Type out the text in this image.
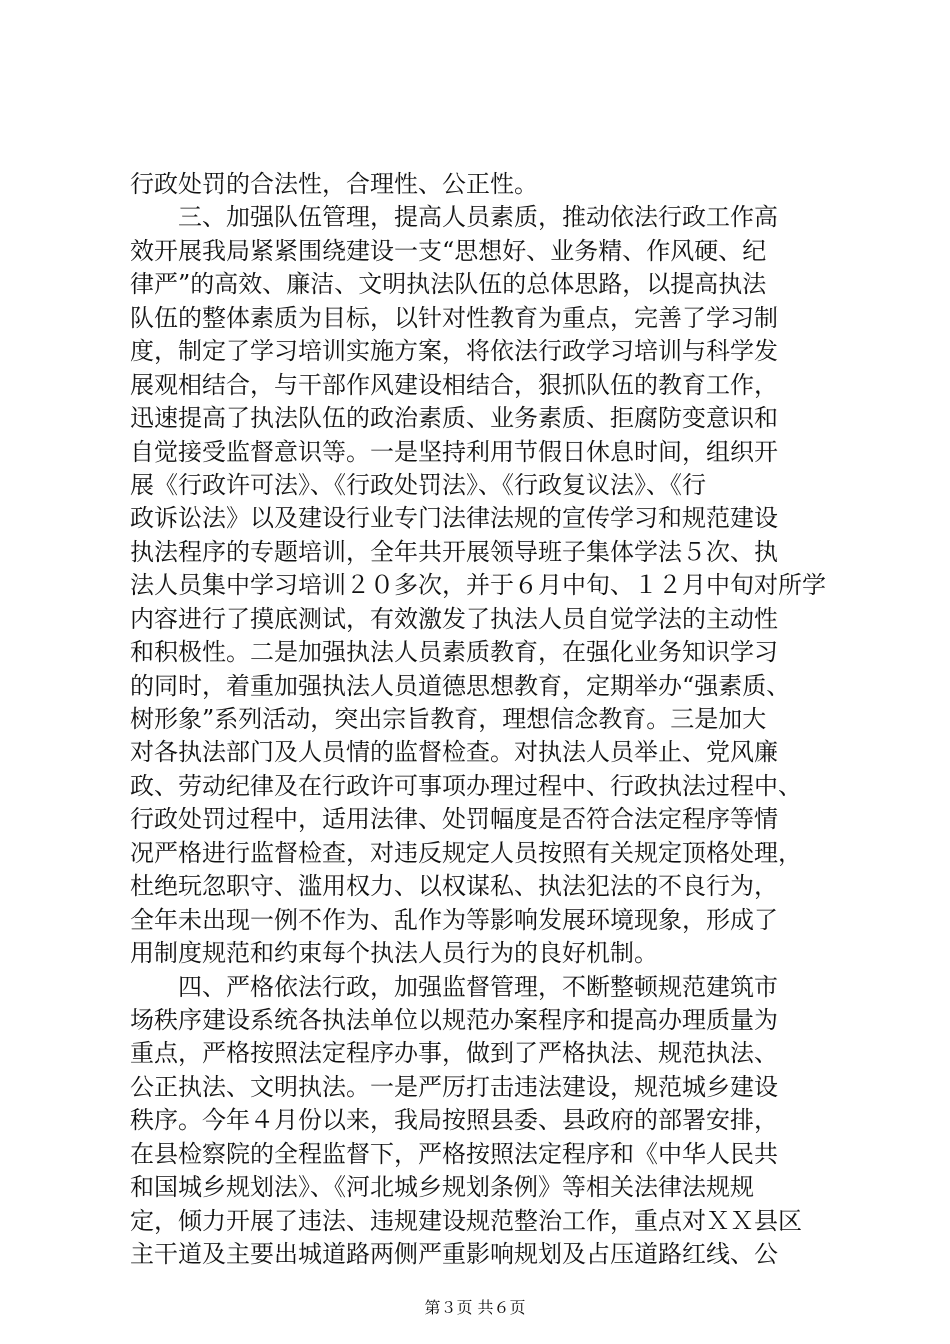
行政处罚的合法性，合理性、公正性。
　　三、加强队伍管理，提高人员素质，推动依法行政工作高
效开展我局紧紧围绕建设一支“思想好、业务精、作风硬、纪
律严”的高效、廉洁、文明执法队伍的总体思路，以提高执法
队伍的整体素质为目标，以针对性教育为重点，完善了学习制
度，制定了学习培训实施方案，将依法行政学习培训与科学发
展观相结合，与干部作风建设相结合，狠抓队伍的教育工作，
迅速提高了执法队伍的政治素质、业务素质、拒腐防变意识和
自觉接受监督意识等。一是坚持利用节假日休息时间，组织开
展《行政许可法》、《行政处罚法》、《行政复议法》、《行
政诉讼法》以及建设行业专门法律法规的宣传学习和规范建设
执法程序的专题培训，全年共开展领导班子集体学法５次、执
法人员集中学习培训２０多次，并于６月中旬、１２月中旬对所学
内容进行了摸底测试，有效激发了执法人员自觉学法的主动性
和积极性。二是加强执法人员素质教育，在强化业务知识学习
的同时，着重加强执法人员道德思想教育，定期举办“强素质、
树形象”系列活动，突出宗旨教育，理想信念教育。三是加大
对各执法部门及人员情的监督检查。对执法人员举止、党风廉
政、劳动纪律及在行政许可事项办理过程中、行政执法过程中、
行政处罚过程中，适用法律、处罚幅度是否符合法定程序等情
况严格进行监督检查，对违反规定人员按照有关规定顶格处理，
杜绝玩忽职守、滥用权力、以权谋私、执法犯法的不良行为，
全年未出现一例不作为、乱作为等影响发展环境现象，形成了
用制度规范和约束每个执法人员行为的良好机制。
　　四、严格依法行政，加强监督管理，不断整顿规范建筑市
场秩序建设系统各执法单位以规范办案程序和提高办理质量为
重点，严格按照法定程序办事，做到了严格执法、规范执法、
公正执法、文明执法。一是严厉打击违法建设，规范城乡建设
秩序。今年４月份以来，我局按照县委、县政府的部署安排，
在县检察院的全程监督下，严格按照法定程序和《中华人民共
和国城乡规划法》、《河北城乡规划条例》等相关法律法规规
定，倾力开展了违法、违规建设规范整治工作，重点对ＸＸ县区
主干道及主要出城道路两侧严重影响规划及占压道路红线、公
第３页 共６页
